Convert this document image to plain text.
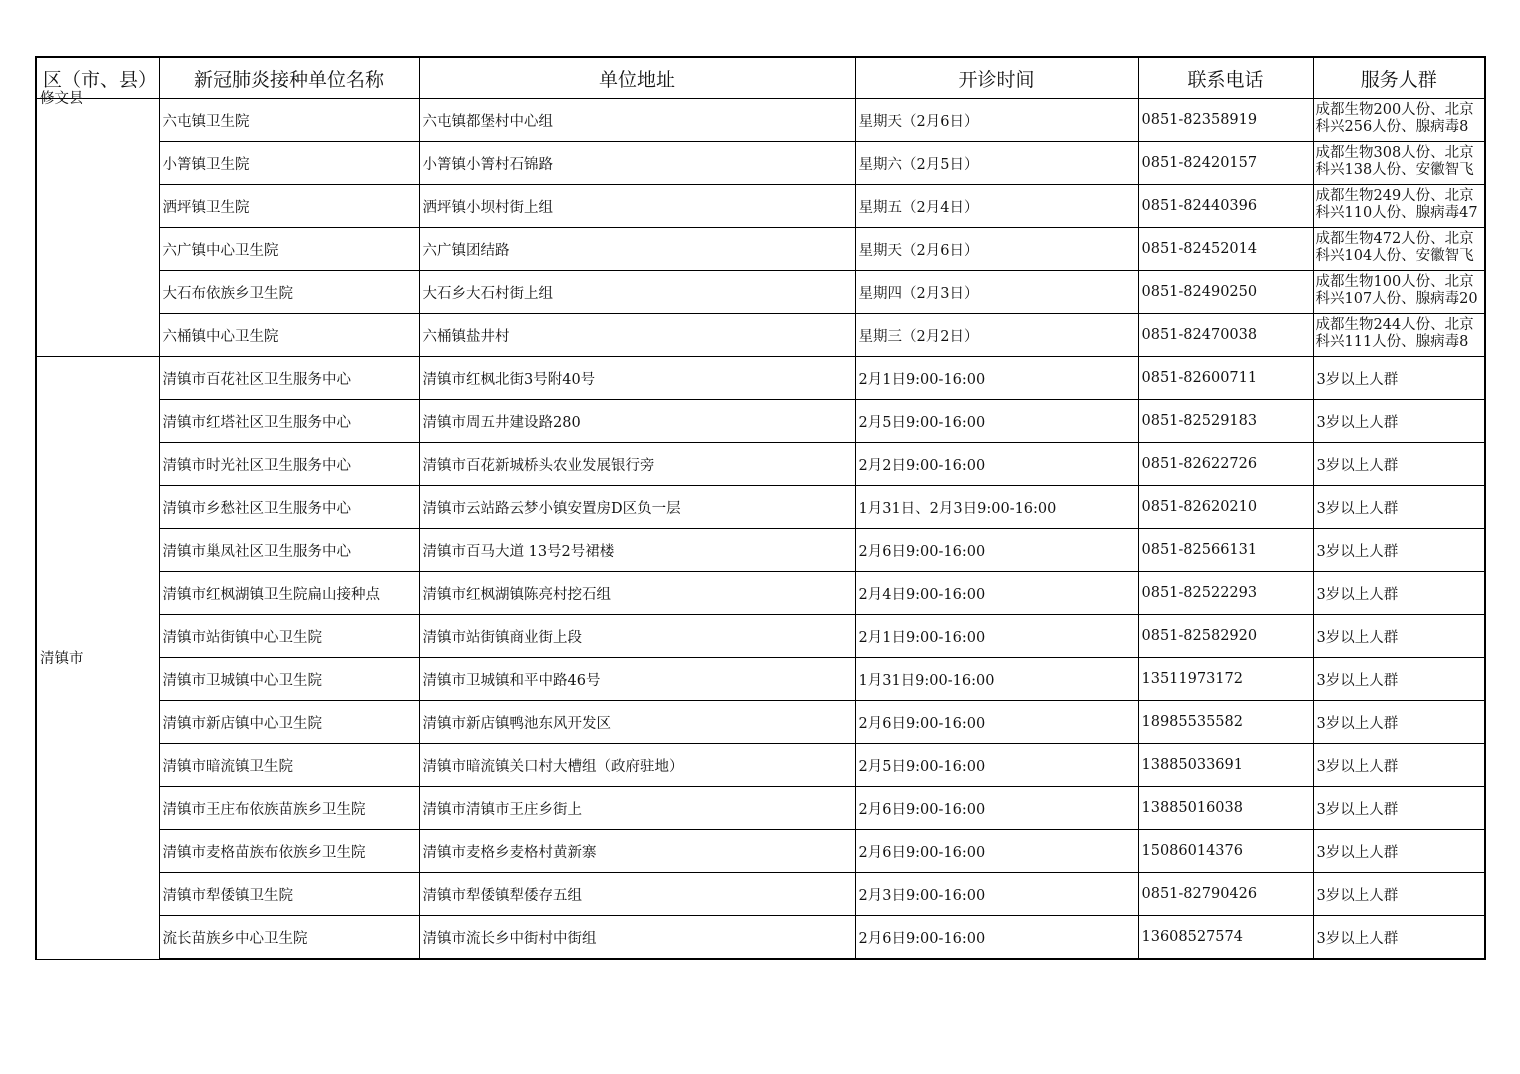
区（市、县）	新冠肺炎接种单位名称	单位地址	开诊时间	联系电话	服务人群

修文县	六屯镇卫生院	六屯镇都堡村中心组	星期天（2月6日）	0851-82358919	成都生物200人份、北京科兴256人份、腺病毒8

	小箐镇卫生院	小箐镇小箐村石锦路	星期六（2月5日）	0851-82420157	成都生物308人份、北京科兴138人份、安徽智飞

	洒坪镇卫生院	洒坪镇小坝村街上组	星期五（2月4日）	0851-82440396	成都生物249人份、北京科兴110人份、腺病毒47

	六广镇中心卫生院	六广镇团结路	星期天（2月6日）	0851-82452014	成都生物472人份、北京科兴104人份、安徽智飞

	大石布依族乡卫生院	大石乡大石村街上组	星期四（2月3日）	0851-82490250	成都生物100人份、北京科兴107人份、腺病毒20

	六桶镇中心卫生院	六桶镇盐井村	星期三（2月2日）	0851-82470038	成都生物244人份、北京科兴111人份、腺病毒8

清镇市	清镇市百花社区卫生服务中心	清镇市红枫北街3号附40号	2月1日9:00-16:00	0851-82600711	3岁以上人群
	清镇市红塔社区卫生服务中心	清镇市周五井建设路280	2月5日9:00-16:00	0851-82529183	3岁以上人群
	清镇市时光社区卫生服务中心	清镇市百花新城桥头农业发展银行旁	2月2日9:00-16:00	0851-82622726	3岁以上人群
	清镇市乡愁社区卫生服务中心	清镇市云站路云梦小镇安置房D区负一层	1月31日、2月3日9:00-16:00	0851-82620210	3岁以上人群
	清镇市巢凤社区卫生服务中心	清镇市百马大道 13号2号裙楼	2月6日9:00-16:00	0851-82566131	3岁以上人群
	清镇市红枫湖镇卫生院扁山接种点	清镇市红枫湖镇陈亮村挖石组	2月4日9:00-16:00	0851-82522293	3岁以上人群
	清镇市站街镇中心卫生院	清镇市站街镇商业街上段	2月1日9:00-16:00	0851-82582920	3岁以上人群
	清镇市卫城镇中心卫生院	清镇市卫城镇和平中路46号	1月31日9:00-16:00	13511973172	3岁以上人群
	清镇市新店镇中心卫生院	清镇市新店镇鸭池东风开发区	2月6日9:00-16:00	18985535582	3岁以上人群
	清镇市暗流镇卫生院	清镇市暗流镇关口村大槽组（政府驻地）	2月5日9:00-16:00	13885033691	3岁以上人群
	清镇市王庄布依族苗族乡卫生院	清镇市清镇市王庄乡街上	2月6日9:00-16:00	13885016038	3岁以上人群
	清镇市麦格苗族布依族乡卫生院	清镇市麦格乡麦格村黄新寨	2月6日9:00-16:00	15086014376	3岁以上人群
	清镇市犁倭镇卫生院	清镇市犁倭镇犁倭存五组	2月3日9:00-16:00	0851-82790426	3岁以上人群
	流长苗族乡中心卫生院	清镇市流长乡中街村中街组	2月6日9:00-16:00	13608527574	3岁以上人群
